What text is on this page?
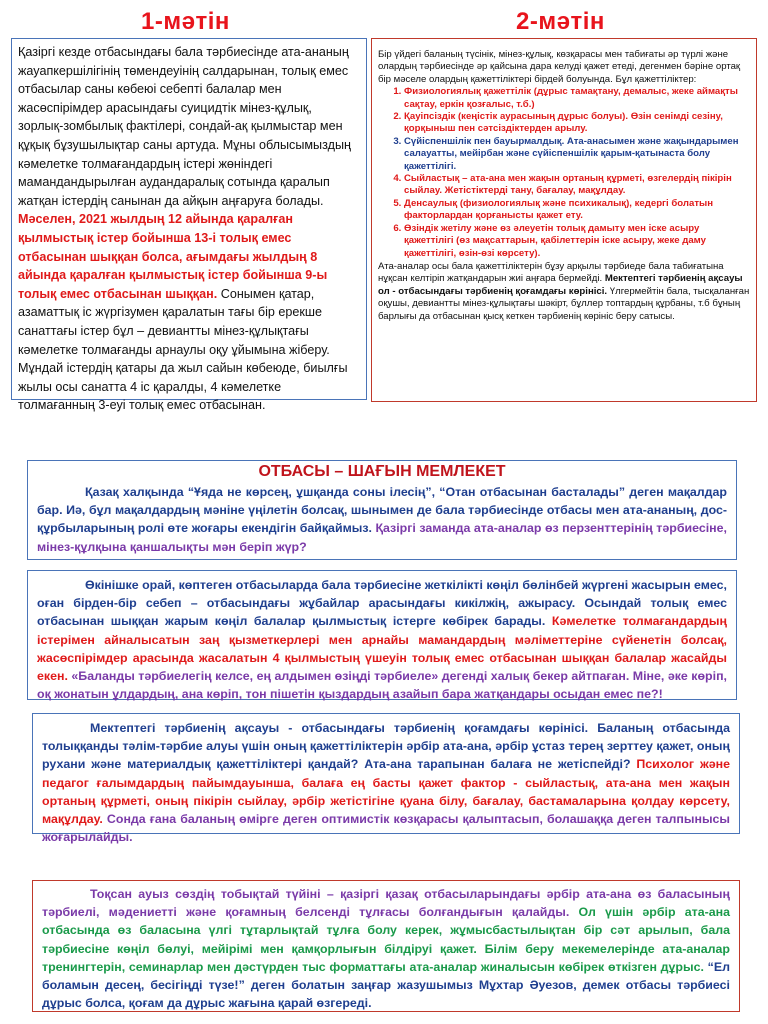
1-мәтін	2-мәтін

Қазіргі кезде отбасындағы бала тәрбиесінде ата-ананың жауапкершілігінің төмендеуінің салдарынан, толық емес отбасылар саны көбеюі себепті балалар мен жасөспірімдер арасындағы суицидтік мінез-құлық, зорлық-зомбылық фактілері, сондай-ақ қылмыстар мен құқық бұзушылықтар саны артуда. Мұны облысымыздың кәмелетке толмағандардың істері жөніндегі мамандандырылған аудандаралық сотында қаралып жатқан істердің санынан да айқын аңғаруға болады. Мәселен, 2021 жылдың 12 айында қаралған қылмыстық істер бойынша 13-і толық емес отбасынан шыққан болса, ағымдағы жылдың 8 айында қаралған қылмыстық істер бойынша 9-ы толық емес отбасынан шыққан. Сонымен қатар, азаматтық іс жүргізумен қаралатын тағы бір ерекше санаттағы істер бұл – девиантты мінез-құлықтағы кәмелетке толмағанды арнаулы оқу ұйымына жіберу. Мұндай істердің қатары да жыл сайын көбеюде, биылғы жылы осы санатта 4 іс қаралды, 4 кәмелетке толмағанның 3-еуі толық емес отбасынан.

Бір үйдегі баланың түсінік, мінез-құлық, көзқарасы мен табиғаты әр түрлі және олардың тәрбиесінде әр қайсына дара келуді қажет етеді, дегенмен бәріне ортақ бір мәселе олардың қажеттіліктері бірдей болуында. Бұл қажеттіліктер:

1. Физиологиялық қажеттілік (дұрыс тамақтану, демалыс, жеке аймақты сақтау, еркін қозғалыс, т.б.)
2. Қауіпсіздік (кеңістік аурасының дұрыс болуы). Өзін сенімді сезіну, қорқыныш пен сәтсіздіктерден арылу.
3. Сүйіспеншілік пен бауырмалдық. Ата-анасымен және жақындарымен салауатты, мейірбан және сүйіспеншілік қарым-қатынаста болу қажеттілігі.
4. Сыйластық – ата-ана мен жақын ортаның құрметі, өзгелердің пікірін сыйлау. Жетістіктерді тану, бағалау, мақұлдау.
5. Денсаулық (физиологиялық және психикалық), кедергі болатын факторлардан қорғанысты қажет ету.
6. Өзіндік жетілу және өз әлеуетін толық дамыту мен іске асыру қажеттілігі (өз мақсаттарын, қабілеттерін іске асыру, жеке даму қажеттілігі, өзін-өзі көрсету).

Ата-аналар осы бала қажеттіліктерін бұзу арқылы тәрбиеде бала табиғатына нұқсан келтіріп жатқандарын жиі аңғара бермейді. Мектептегі тәрбиенің ақсауы ол - отбасындағы тәрбиенің қоғамдағы көрінісі. Үлгермейтін бала, тысқаланған оқушы, девиантты мінез-құлықтағы шәкірт, бұллер топтардың құрбаны, т.б бұның барлығы да отбасынан қысқ кеткен тәрбиенің көрініс беру сатысы.

ОТБАСЫ – ШАҒЫН МЕМЛЕКЕТ

Қазақ халқында “Ұяда не көрсең, ұшқанда соны ілесің”, “Отан отбасынан басталады” деген мақалдар бар. Иә, бұл мақалдардың мәніне үңілетін болсақ, шынымен де бала тәрбиесінде отбасы мен ата-ананың, дос-құрбыларының ролі өте жоғары екендігін байқаймыз. Қазіргі заманда ата-аналар өз перзенттерінің тәрбиесіне, мінез-құлқына қаншалықты мән беріп жүр?

Өкінішке орай, көптеген отбасыларда бала тәрбиесіне жеткілікті көңіл бөлінбей жүргені жасырын емес, оған бірден-бір себеп – отбасындағы жұбайлар арасындағы кикілжің, ажырасу. Осындай толық емес отбасынан шыққан жарым көңіл балалар қылмыстық істерге көбірек барады. Кәмелетке толмағандардың істерімен айналысатын заң қызметкерлері мен арнайы мамандардың мәліметтеріне сүйенетін болсақ, жасөспірімдер арасында жасалатын 4 қылмыстың үшеуін толық емес отбасынан шыққан балалар жасайды екен. «Баланды тәрбиелегің келсе, ең алдымен өзіңді тәрбиеле» дегенді халық бекер айтпаған. Міне, әке көріп, оқ жонатын ұлдардың, ана көріп, тон пішетін қыздардың азайып бара жатқандары осыдан емес пе?!

Мектептегі тәрбиенің ақсауы - отбасындағы тәрбиенің қоғамдағы көрінісі. Баланың отбасында толыққанды тәлім-тәрбие алуы үшін оның қажеттіліктерін әрбір ата-ана, әрбір ұстаз терең зерттеу қажет, оның рухани және материалдық қажеттіліктері қандай? Ата-ана тарапынан балаға не жетіспейді? Психолог және педагог ғалымдардың пайымдауынша, балаға ең басты қажет фактор - сыйластық, ата-ана мен жақын ортаның құрметі, оның пікірін сыйлау, әрбір жетістігіне қуана білу, бағалау, бастамаларына қолдау көрсету, мақұлдау. Сонда ғана баланың өмірге деген оптимистік көзқарасы қалыптасып, болашаққа деген талпынысы жоғарылайды.

Тоқсан ауыз сөздің тобықтай түйіні – қазіргі қазақ отбасыларындағы әрбір ата-ана өз баласының тәрбиелі, мәдениетті және қоғамның белсенді тұлғасы болғандығын қалайды. Ол үшін әрбір ата-ана отбасында өз баласына үлгі тұтарлықтай тұлға болу керек, жұмысбастылықтан бір сәт арылып, бала тәрбиесіне көңіл бөлуі, мейірімі мен қамқорлығын білдіруі қажет. Білім беру мекемелерінде ата-аналар тренингтерін, семинарлар мен дәстүрден тыс форматтағы ата-аналар жиналысын көбірек өткізген дұрыс. “Ел боламын десең, бесігіңді түзе!” деген болатын заңғар жазушымыз Мұхтар Әуезов, демек отбасы тәрбиесі дұрыс болса, қоғам да дұрыс жағына қарай өзгереді.
